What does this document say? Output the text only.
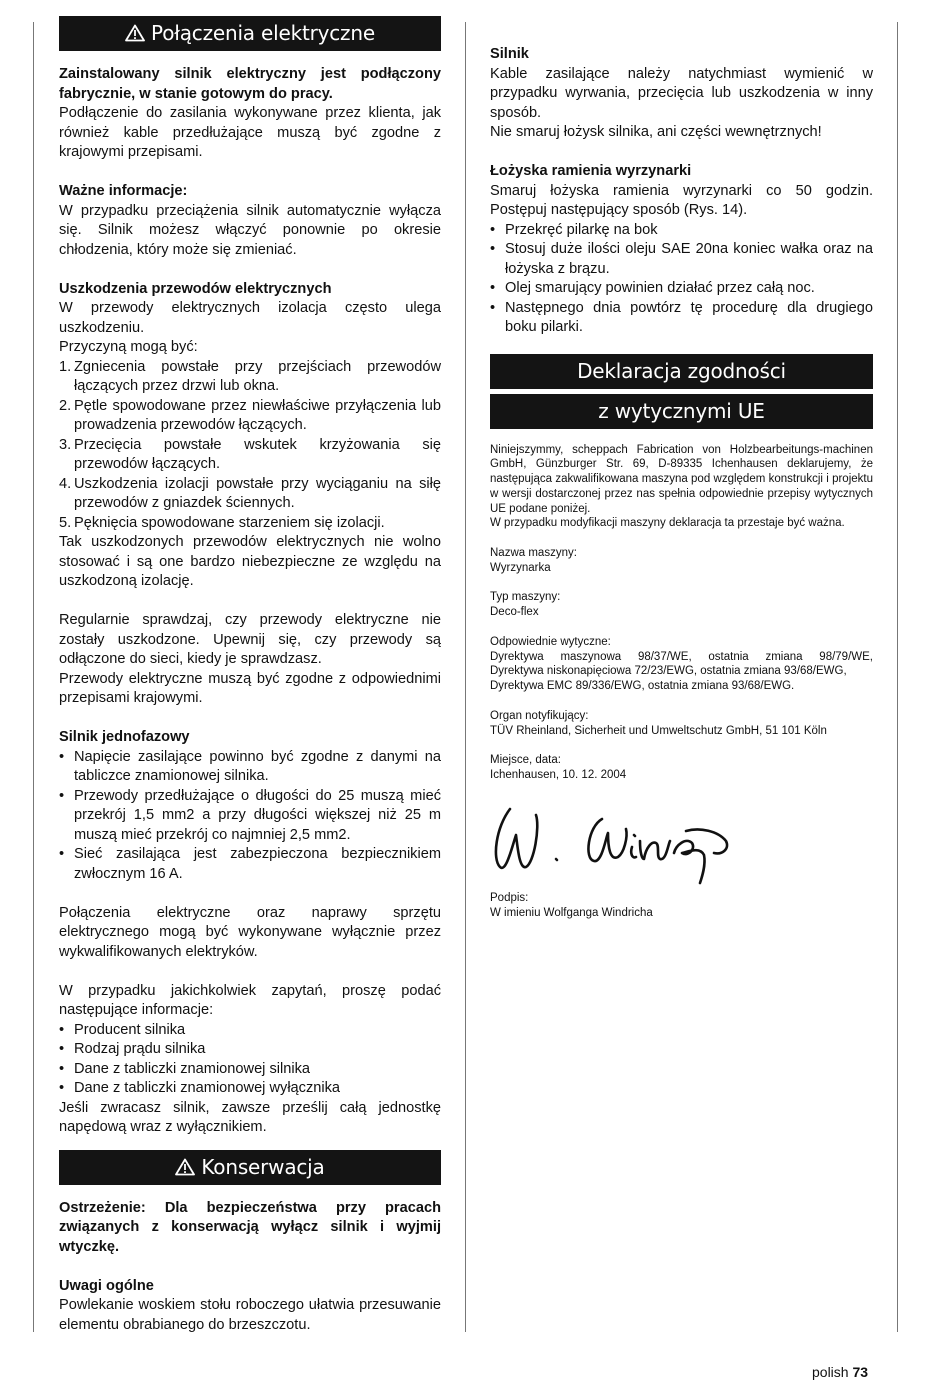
Połączenia elektryczne

Zainstalowany silnik elektryczny jest podłączony fabrycznie, w stanie gotowym do pracy.

Podłączenie do zasilania wykonywane przez klienta, jak również kable przedłużające muszą być zgodne z krajowymi przepisami.

Ważne informacje:

W przypadku przeciążenia silnik automatycznie wyłącza się. Silnik możesz włączyć ponownie po okresie chłodzenia, który może się zmieniać.

Uszkodzenia przewodów elektrycznych

W przewody elektrycznych izolacja często ulega uszkodzeniu.

Przyczyną mogą być:

1. Zgniecenia powstałe przy przejściach przewodów łączących przez drzwi lub okna.
2. Pętle spowodowane przez niewłaściwe przyłączenia lub prowadzenia przewodów łączących.
3. Przecięcia powstałe wskutek krzyżowania się przewodów łączących.
4. Uszkodzenia izolacji powstałe przy wyciąganiu na siłę przewodów z gniazdek ściennych.
5. Pęknięcia spowodowane starzeniem się izolacji.

Tak uszkodzonych przewodów elektrycznych nie wolno stosować i są one bardzo niebezpieczne ze względu na uszkodzoną izolację.

Regularnie sprawdzaj, czy przewody elektryczne nie zostały uszkodzone. Upewnij się, czy przewody są odłączone do sieci, kiedy je sprawdzasz.

Przewody elektryczne muszą być zgodne z odpowiednimi przepisami krajowymi.

Silnik jednofazowy

• Napięcie zasilające powinno być zgodne z danymi na tabliczce znamionowej silnika.
• Przewody przedłużające o długości do 25 muszą mieć przekrój 1,5 mm2 a przy długości większej niż 25 m muszą mieć przekrój co najmniej 2,5 mm2.
• Sieć zasilająca jest zabezpieczona bezpiecznikiem zwłocznym 16 A.

Połączenia elektryczne oraz naprawy sprzętu elektrycznego mogą być wykonywane wyłącznie przez wykwalifikowanych elektryków.

W przypadku jakichkolwiek zapytań, proszę podać następujące informacje:

• Producent silnika
• Rodzaj prądu silnika
• Dane z tabliczki znamionowej silnika
• Dane z tabliczki znamionowej wyłącznika

Jeśli zwracasz silnik, zawsze prześlij całą jednostkę napędową wraz z wyłącznikiem.

Konserwacja

Ostrzeżenie: Dla bezpieczeństwa przy pracach związanych z konserwacją wyłącz silnik i wyjmij wtyczkę.

Uwagi ogólne

Powlekanie woskiem stołu roboczego ułatwia przesuwanie elementu obrabianego do brzeszczotu.

Silnik

Kable zasilające należy natychmiast wymienić w przypadku wyrwania, przecięcia lub uszkodzenia w inny sposób.

Nie smaruj łożysk silnika, ani części wewnętrznych!

Łożyska ramienia wyrzynarki

Smaruj łożyska ramienia wyrzynarki co 50 godzin. Postępuj następujący sposób (Rys. 14).

• Przekręć pilarkę na bok
• Stosuj duże ilości oleju SAE 20na koniec wałka oraz na łożyska z brązu.
• Olej smarujący powinien działać przez całą noc.
• Następnego dnia powtórz tę procedurę dla drugiego boku pilarki.
Deklaracja zgodności
z wytycznymi UE

Niniejszymmy, scheppach Fabrication von Holzbearbeitungs-machinen GmbH, Günzburger Str. 69, D-89335 Ichenhausen deklarujemy, że następująca zakwalifikowana maszyna pod względem konstrukcji i projektu w wersji dostarczonej przez nas spełnia odpowiednie przepisy wytycznych UE podane poniżej.

W przypadku modyfikacji maszyny deklaracja ta przestaje być ważna.

Nazwa maszyny:

Wyrzynarka

Typ maszyny:

Deco-flex

Odpowiednie wytyczne:

Dyrektywa maszynowa 98/37/WE, ostatnia zmiana 98/79/WE,

Dyrektywa niskonapięciowa 72/23/EWG, ostatnia zmiana 93/68/EWG,

Dyrektywa EMC 89/336/EWG, ostatnia zmiana 93/68/EWG.

Organ notyfikujący:

TÜV Rheinland, Sicherheit und Umweltschutz GmbH, 51 101 Köln

Miejsce, data:

Ichenhausen, 10. 12. 2004

Podpis:

W imieniu Wolfganga Windricha

polish 73
